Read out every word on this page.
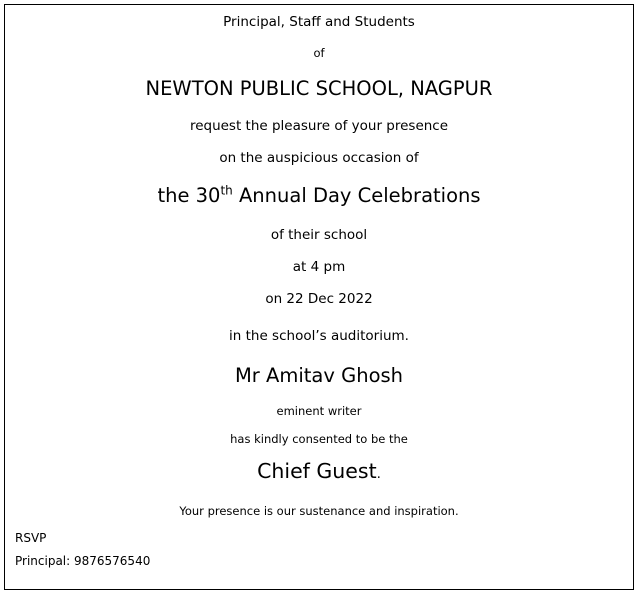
Principal, Staff and Students
of
NEWTON PUBLIC SCHOOL, NAGPUR
request the pleasure of your presence
on the auspicious occasion of
the 30th Annual Day Celebrations
of their school
at 4 pm
on 22 Dec 2022
in the school’s auditorium.
Mr Amitav Ghosh
eminent writer
has kindly consented to be the
Chief Guest.
Your presence is our sustenance and inspiration.
RSVP
Principal: 9876576540
